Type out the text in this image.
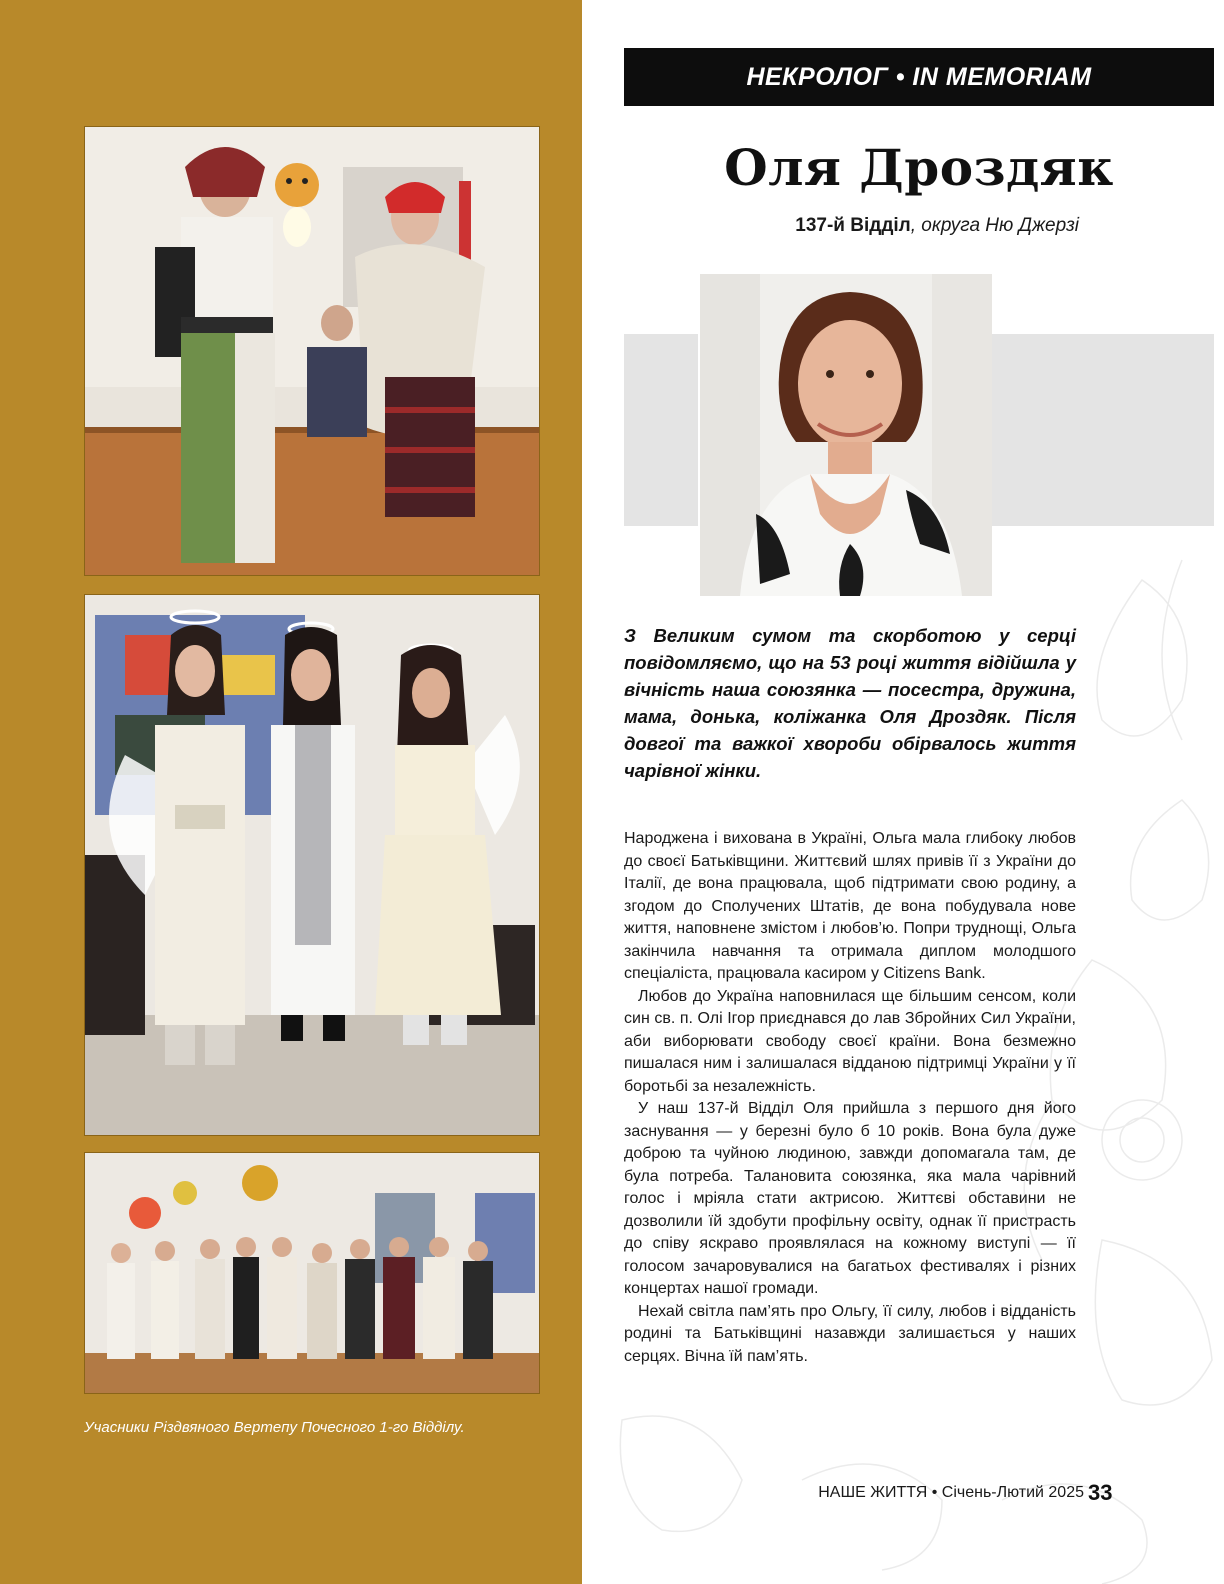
Учасники Різдвяного Вертепу Почесного 1-го Відділу.
НЕКРОЛОГ • IN MEMORIAM
Оля Дроздяк
137-й Відділ, округа Ню Джерзі
З Великим сумом та скорботою у серці повідомляємо, що на 53 році життя відійшла у вічність наша союзянка — посестра, дружина, мама, донька, коліжанка Оля Дроздяк. Після довгої та важкої хвороби обірвалось життя чарівної жінки.

Народжена і вихована в Україні, Ольга мала глибоку любов до своєї Батьківщини. Життєвий шлях привів її з України до Італії, де вона працювала, щоб підтримати свою родину, а згодом до Сполучених Штатів, де вона побудувала нове життя, наповнене змістом і любов’ю. Попри труднощі, Ольга закінчила навчання та отримала диплом молодшого спеціаліста, працювала касиром у Citizens Bank.

Любов до Україна наповнилася ще більшим сенсом, коли син св. п. Олі Ігор приєднався до лав Збройних Сил України, аби виборювати свободу своєї країни. Вона безмежно пишалася ним і залишалася відданою підтримці України у її боротьбі за незалежність.

У наш 137-й Відділ Оля прийшла з першого дня його заснування — у березні було б 10 років. Вона була дуже доброю та чуйною людиною, завжди допомагала там, де була потреба. Талановита союзянка, яка мала чарівний голос і мріяла стати актрисою. Життєві обставини не дозволили їй здобути профільну освіту, однак її пристрасть до співу яскраво проявлялася на кожному виступі — її голосом зачаровувалися на багатьох фестивалях і різних концертах нашої громади.

Нехай світла пам’ять про Ольгу, її силу, любов і відданість родині та Батьківщині назавжди залишається у наших серцях. Вічна їй пам’ять.

НАШЕ ЖИТТЯ • Січень-Лютий 2025 33
